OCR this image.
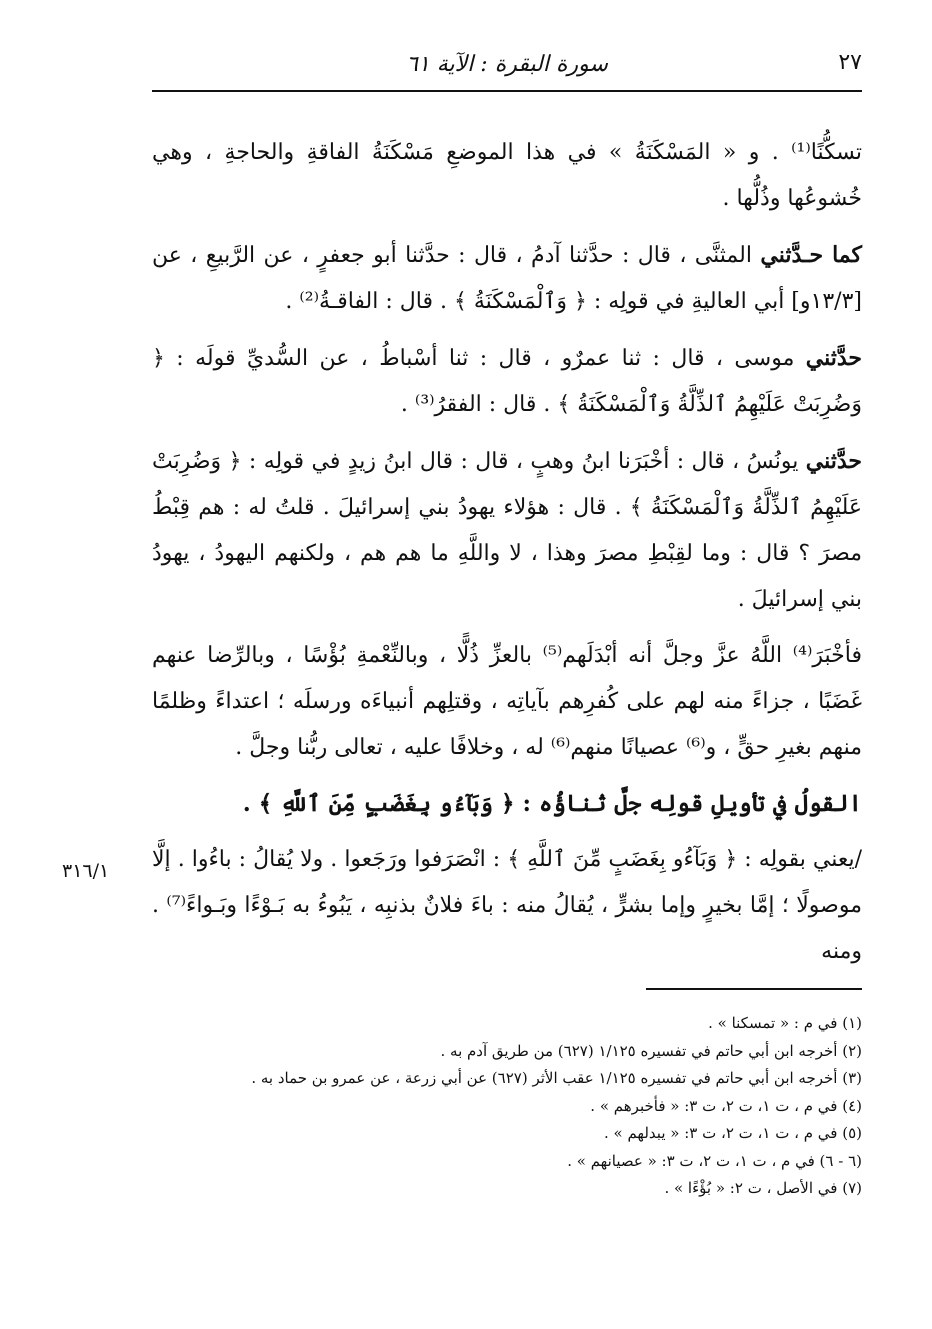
سورة البقرة : الآية ٦١	٢٧

تسكُّنًا⁽¹⁾ . و « المَسْكَنَةُ » في هذا الموضعِ مَسْكَنَةُ الفاقةِ والحاجةِ ، وهي خُشوعُها وذُلُّها .

كما حـدَّثني المثنَّى ، قال : حدَّثنا آدمُ ، قال : حدَّثنا أبو جعفرٍ ، عن الرَّبيعِ ، عن [١٣/٣و] أبي العاليةِ في قولِه : ﴿ وَٱلْمَسْكَنَةُ ﴾ . قال : الفاقـةُ⁽²⁾ .

حدَّثني موسى ، قال : ثنا عمرٌو ، قال : ثنا أسْباطُ ، عن السُّديِّ قولَه : ﴿ وَضُرِبَتْ عَلَيْهِمُ ٱلذِّلَّةُ وَٱلْمَسْكَنَةُ ﴾ . قال : الفقرُ⁽³⁾ .

حدَّثني يونُسُ ، قال : أخْبَرَنا ابنُ وهبٍ ، قال : قال ابنُ زيدٍ في قولِه : ﴿ وَضُرِبَتْ عَلَيْهِمُ ٱلذِّلَّةُ وَٱلْمَسْكَنَةُ ﴾ . قال : هؤلاء يهودُ بني إسرائيلَ . قلتُ له : هم قِبْطُ مصرَ ؟ قال : وما لقِبْطِ مصرَ وهذا ، لا واللَّهِ ما هم هم ، ولكنهم اليهودُ ، يهودُ بني إسرائيلَ .

فأخْبَرَ⁽⁴⁾ اللَّهُ عزَّ وجلَّ أنه أبْدَلَهم⁽⁵⁾ بالعزِّ ذُلًّا ، وبالنِّعْمةِ بُؤْسًا ، وبالرِّضا عنهم غَضَبًا ، جزاءً منه لهم على كُفرِهم بآياتِه ، وقتلِهم أنبياءَه ورسلَه ؛ اعتداءً وظلمًا منهم بغيرِ حقٍّ ، و⁽⁶⁾ عصيانًا منهم⁽⁶⁾ له ، وخلافًا عليه ، تعالى ربُّنا وجلَّ .

القولُ في تأويلِ قولِه جلَّ ثناؤُه : ﴿ وَبَآءُو بِغَضَبٍ مِّنَ ٱللَّهِ ﴾ .

/يعني بقولِه : ﴿ وَبَآءُو بِغَضَبٍ مِّنَ ٱللَّهِ ﴾ : انْصَرَفوا ورَجَعوا . ولا يُقالُ : باءُوا . إلَّا موصولًا ؛ إمَّا بخيرٍ وإما بشرٍّ ، يُقالُ منه : باءَ فلانٌ بذنبِه ، يَبُوءُ به بَـوْءًا وبَـواءً⁽⁷⁾ . ومنه

٣١٦/١
(١) في م : « تمسكنا » .
(٢) أخرجه ابن أبي حاتم في تفسيره ١/١٢٥ (٦٢٧) من طريق آدم به .
(٣) أخرجه ابن أبي حاتم في تفسيره ١/١٢٥ عقب الأثر (٦٢٧) عن أبي زرعة ، عن عمرو بن حماد به .
(٤) في م ، ت ١، ت ٢، ت ٣: « فأخبرهم » .
(٥) في م ، ت ١، ت ٢، ت ٣: « يبدلهم » .
(٦ - ٦) في م ، ت ١، ت ٢، ت ٣: « عصيانهم » .
(٧) في الأصل ، ت ٢: « بُؤْءًا » .
